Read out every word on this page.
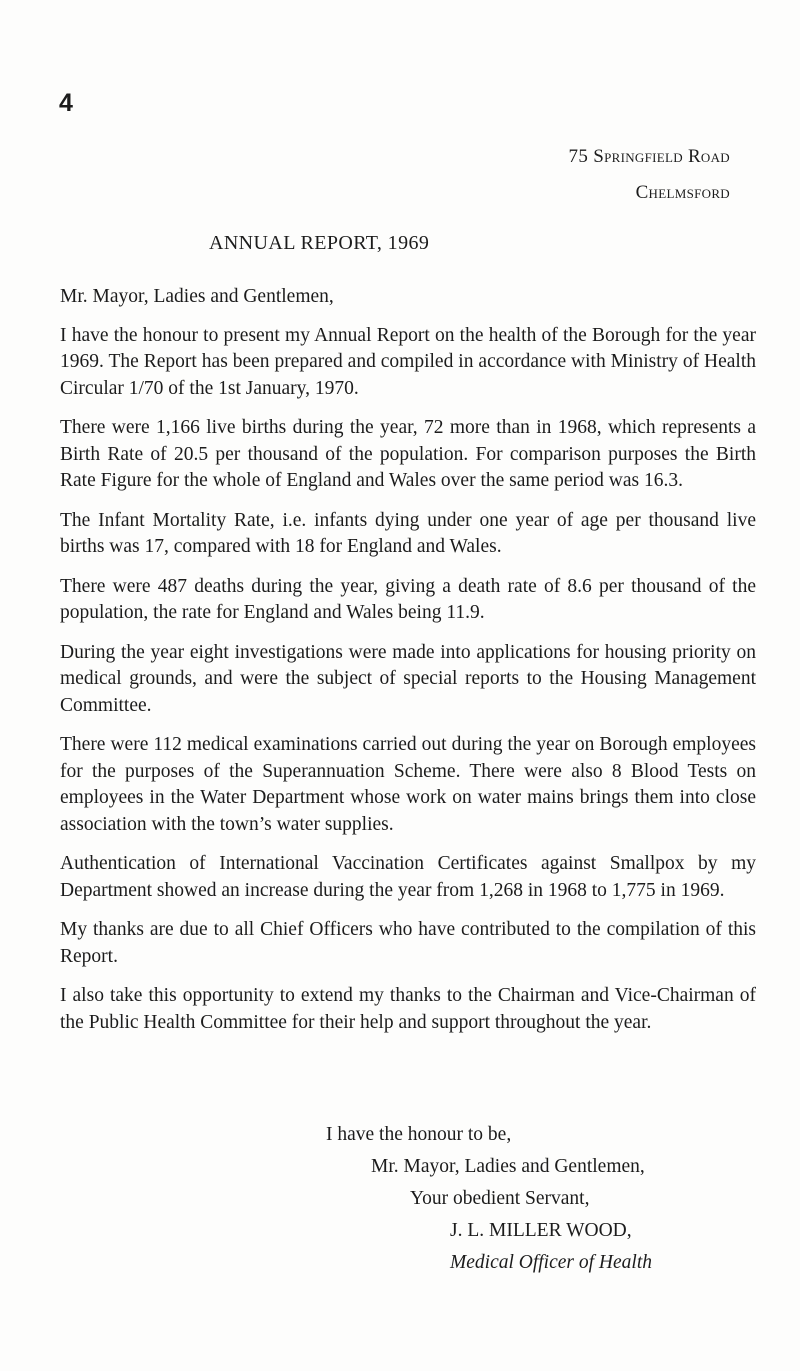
4
75 Springfield Road
Chelmsford
ANNUAL REPORT, 1969

Mr. Mayor, Ladies and Gentlemen,

I have the honour to present my Annual Report on the health of the Borough for the year 1969. The Report has been prepared and compiled in accordance with Ministry of Health Circular 1/70 of the 1st January, 1970.

There were 1,166 live births during the year, 72 more than in 1968, which represents a Birth Rate of 20.5 per thousand of the population. For comparison purposes the Birth Rate Figure for the whole of England and Wales over the same period was 16.3.

The Infant Mortality Rate, i.e. infants dying under one year of age per thousand live births was 17, compared with 18 for England and Wales.

There were 487 deaths during the year, giving a death rate of 8.6 per thousand of the population, the rate for England and Wales being 11.9.

During the year eight investigations were made into applications for housing priority on medical grounds, and were the subject of special reports to the Housing Management Committee.

There were 112 medical examinations carried out during the year on Borough employees for the purposes of the Superannuation Scheme. There were also 8 Blood Tests on employees in the Water Department whose work on water mains brings them into close association with the town’s water supplies.

Authentication of International Vaccination Certificates against Smallpox by my Department showed an increase during the year from 1,268 in 1968 to 1,775 in 1969.

My thanks are due to all Chief Officers who have contributed to the compilation of this Report.

I also take this opportunity to extend my thanks to the Chairman and Vice-Chairman of the Public Health Committee for their help and support throughout the year.

I have the honour to be,
Mr. Mayor, Ladies and Gentlemen,
Your obedient Servant,
J. L. MILLER WOOD,
Medical Officer of Health
